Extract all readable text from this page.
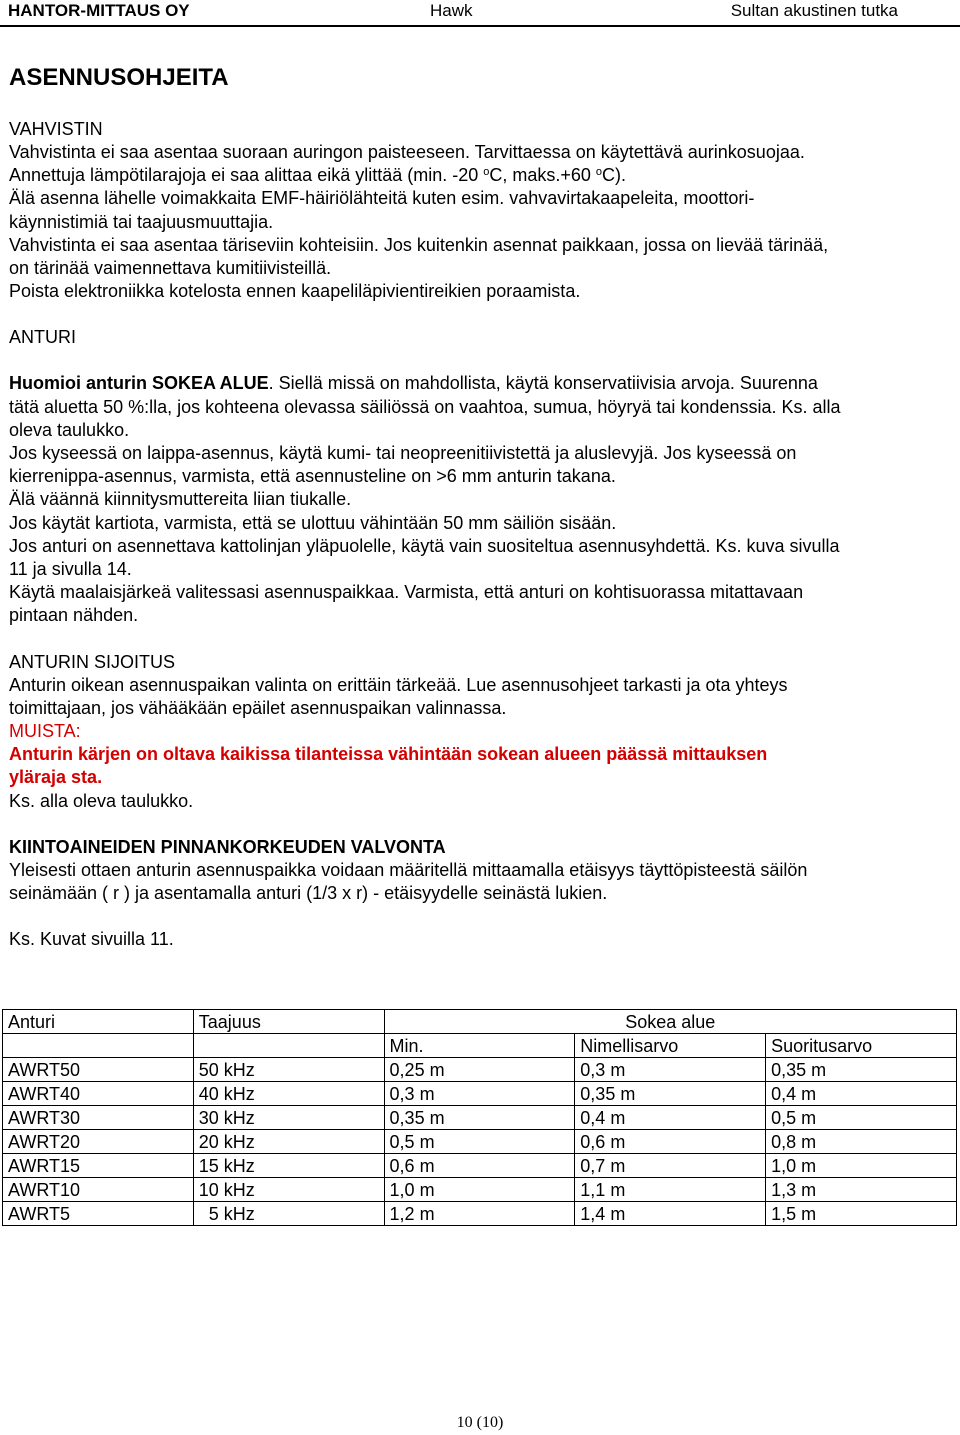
HANTOR-MITTAUS OY	Hawk	Sultan akustinen tutka
ASENNUSOHJEITA
VAHVISTIN

Vahvistinta ei saa asentaa suoraan auringon paisteeseen. Tarvittaessa on käytettävä aurinkosuojaa.

Annettuja lämpötilarajoja ei saa alittaa eikä ylittää (min. -20 $^o$C, maks.+60 $^o$C).

Älä asenna lähelle voimakkaita EMF-häiriölähteitä kuten esim. vahvavirtakaapeleita, moottori-

käynnistimiä tai taajuusmuuttajia.

Vahvistinta ei saa asentaa täriseviin kohteisiin. Jos kuitenkin asennat paikkaan, jossa on lievää tärinää,

on tärinää vaimennettava kumitiivisteillä.

Poista elektroniikka kotelosta ennen kaapeliläpivientireikien poraamista.

ANTURI

Huomioi anturin SOKEA ALUE. Siellä missä on mahdollista, käytä konservatiivisia arvoja. Suurenna

tätä aluetta 50 %:lla, jos kohteena olevassa säiliössä on vaahtoa, sumua, höyryä tai kondenssia. Ks. alla

oleva taulukko.

Jos kyseessä on laippa-asennus, käytä kumi- tai neopreenitiivistettä ja aluslevyjä. Jos kyseessä on

kierrenippa-asennus, varmista, että asennusteline on >6 mm anturin takana.

Älä väännä kiinnitysmuttereita liian tiukalle.

Jos käytät kartiota, varmista, että se ulottuu vähintään 50 mm säiliön sisään.

Jos anturi on asennettava kattolinjan yläpuolelle, käytä vain suositeltua asennusyhdettä. Ks. kuva sivulla

11 ja sivulla 14.

Käytä maalaisjärkeä valitessasi asennuspaikkaa. Varmista, että anturi on kohtisuorassa mitattavaan

pintaan nähden.

ANTURIN SIJOITUS

Anturin oikean asennuspaikan valinta on erittäin tärkeää. Lue asennusohjeet tarkasti ja ota yhteys

toimittajaan, jos vähääkään epäilet asennuspaikan valinnassa.

MUISTA:

Anturin kärjen on oltava kaikissa tilanteissa vähintään sokean alueen päässä mittauksen

yläraja sta.

Ks. alla oleva taulukko.

KIINTOAINEIDEN PINNANKORKEUDEN VALVONTA

Yleisesti ottaen anturin asennuspaikka voidaan määritellä mittaamalla etäisyys täyttöpisteestä säilön

seinämään ( r ) ja asentamalla anturi (1/3 x r) - etäisyydelle seinästä lukien.

Ks. Kuvat sivuilla 11.

Anturi	Taajuus	Sokea alue		
		Min.	Nimellisarvo	Suoritusarvo
AWRT50	50 kHz	0,25 m	0,3 m	0,35 m
AWRT40	40 kHz	0,3 m	0,35 m	0,4 m
AWRT30	30 kHz	0,35 m	0,4 m	0,5 m
AWRT20	20 kHz	0,5 m	0,6 m	0,8 m
AWRT15	15 kHz	0,6 m	0,7 m	1,0 m
AWRT10	10 kHz	1,0 m	1,1 m	1,3 m
AWRT5	5 kHz	1,2 m	1,4 m	1,5 m
10 (10)
